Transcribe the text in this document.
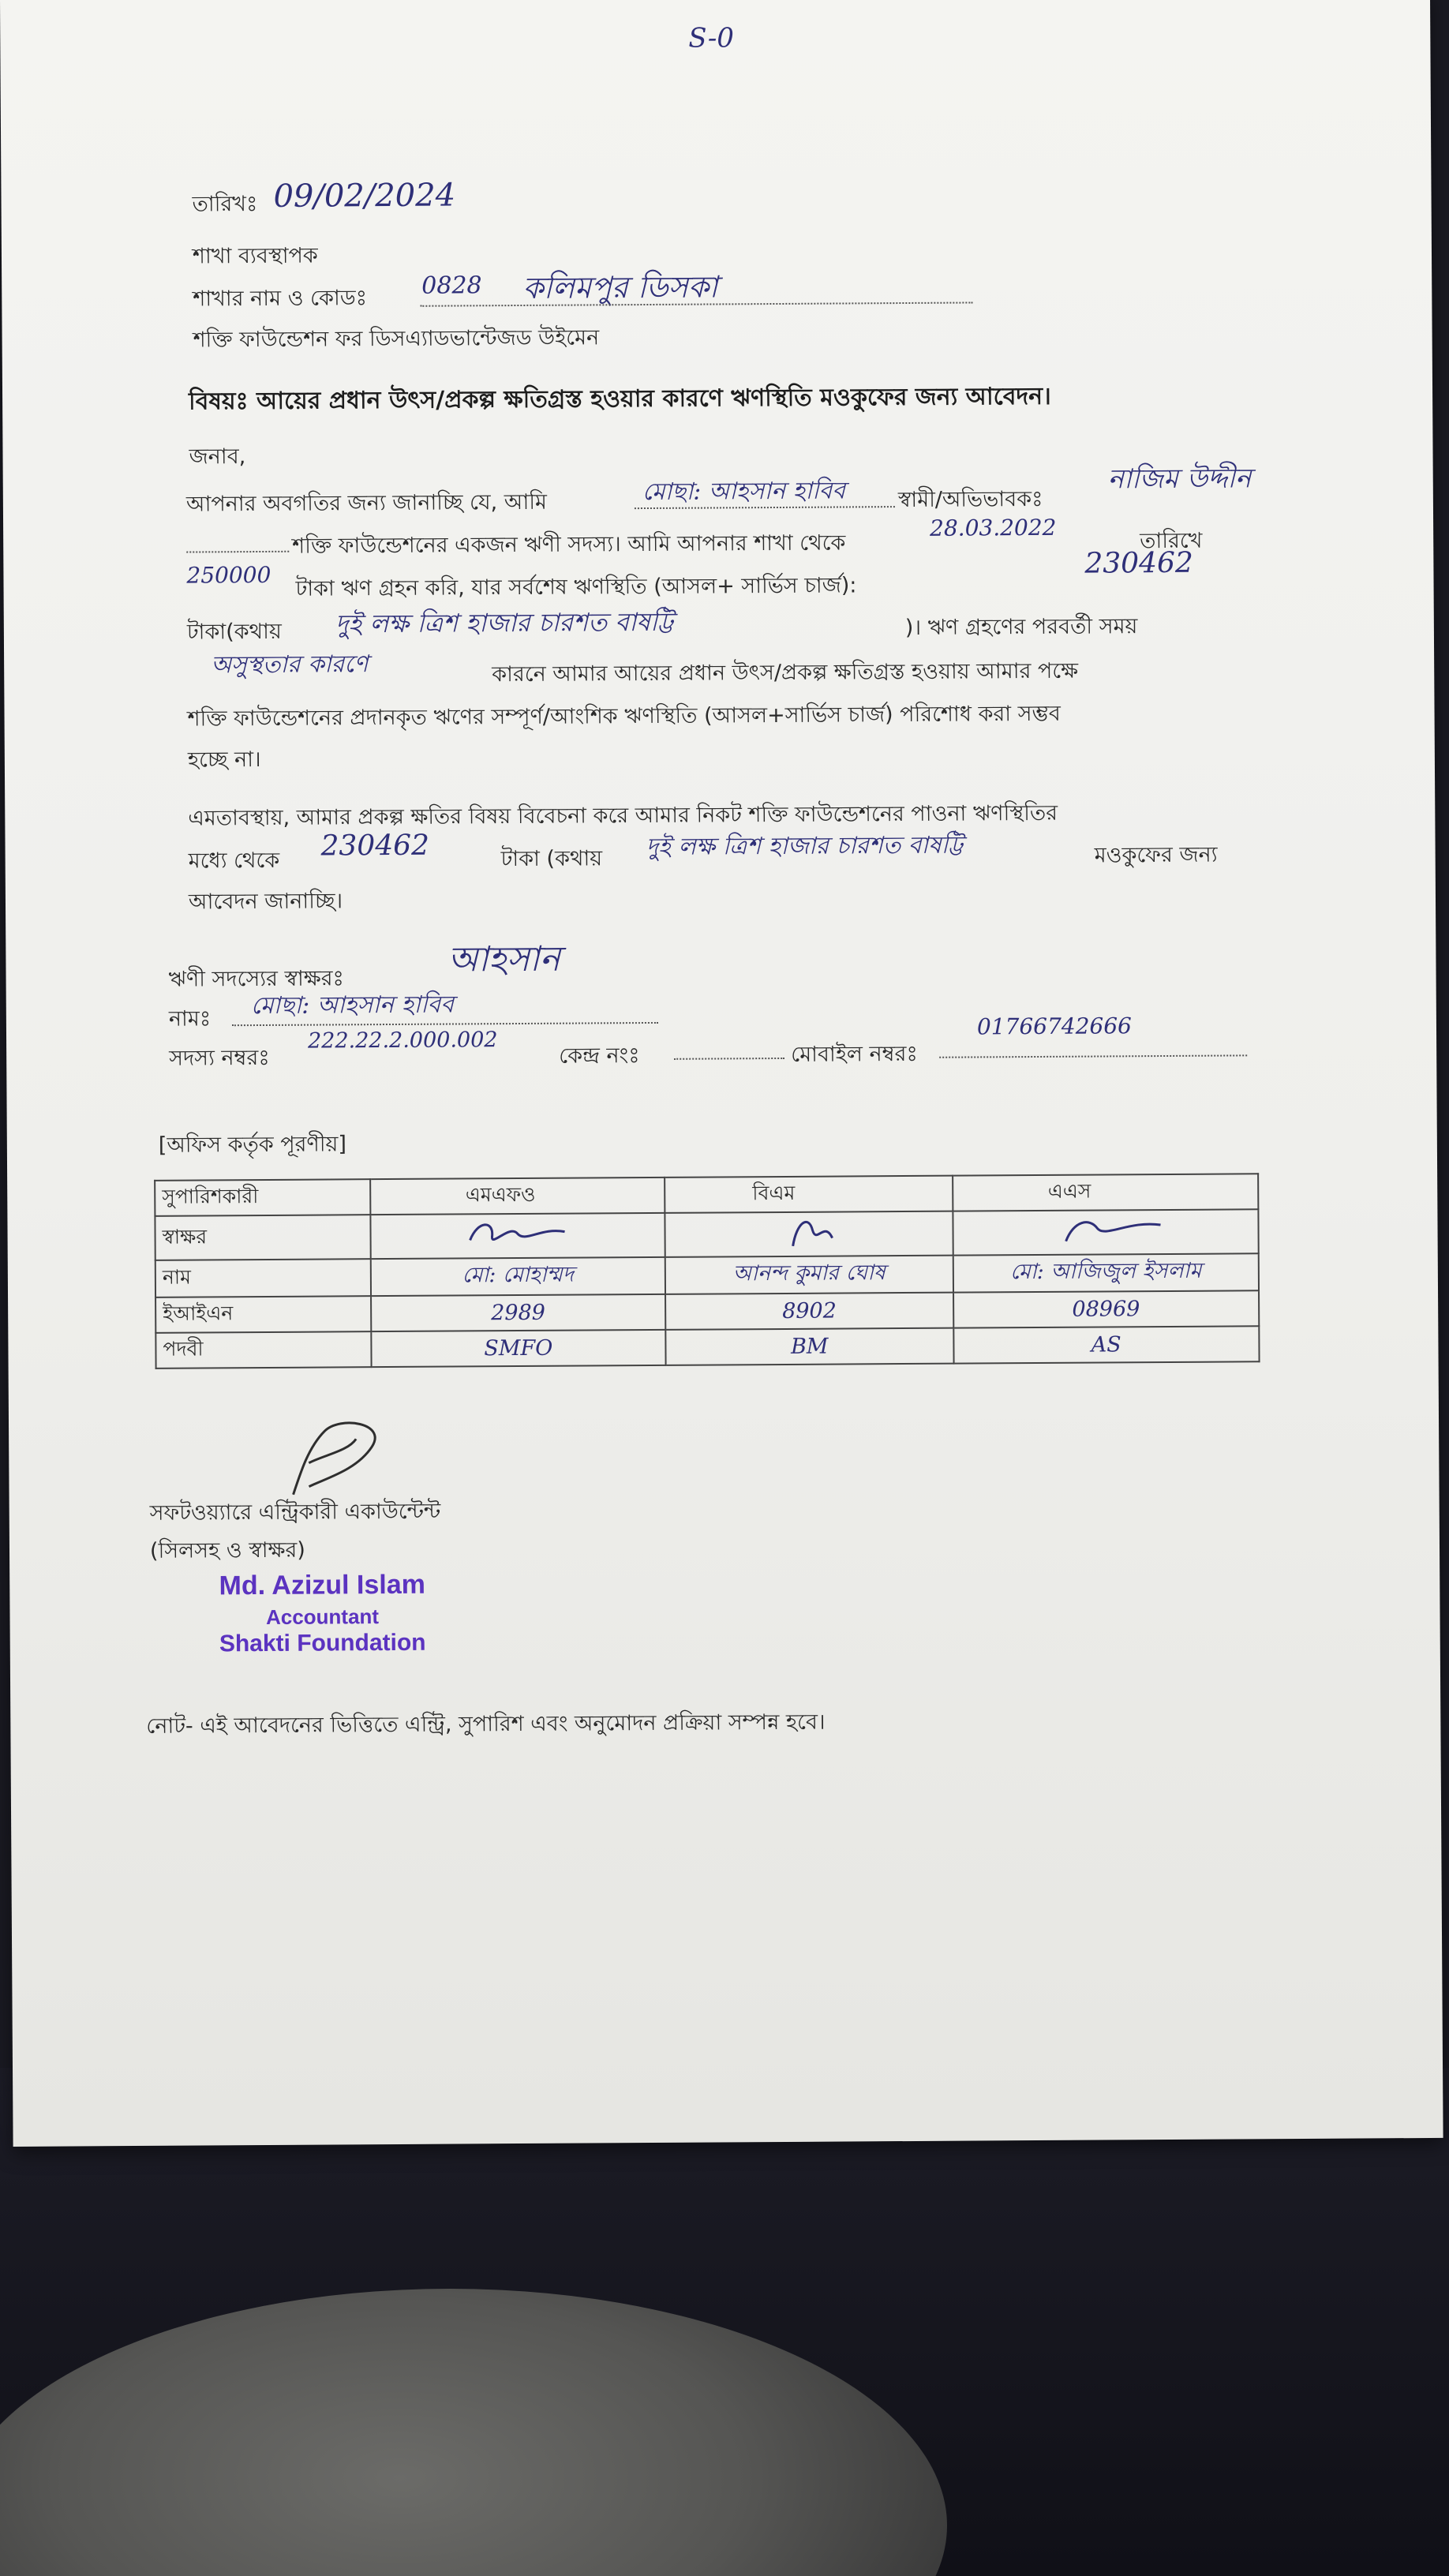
S-0
তারিখঃ 09/02/2024
শাখা ব্যবস্থাপক
শাখার নাম ও কোডঃ 0828 কলিমপুর ডিসকা
শক্তি ফাউন্ডেশন ফর ডিসএ্যাডভান্টেজড উইমেন
বিষয়ঃ আয়ের প্রধান উৎস/প্রকল্প ক্ষতিগ্রস্ত হওয়ার কারণে ঋণস্থিতি মওকুফের জন্য আবেদন।
জনাব,
আপনার অবগতির জন্য জানাচ্ছি যে, আমি	মোছা: আহসান হাবিব স্বামী/অভিভাবকঃ
নাজিম উদ্দীন
শক্তি ফাউন্ডেশনের একজন ঋণী সদস্য। আমি আপনার শাখা থেকে
28.03.2022	তারিখে
250000 টাকা ঋণ গ্রহন করি, যার সর্বশেষ ঋণস্থিতি (আসল+ সার্ভিস চার্জ):
230462
টাকা(কথায় দুই লক্ষ ত্রিশ হাজার চারশত বাষট্টি	)। ঋণ গ্রহণের পরবর্তী সময়
অসুস্থতার কারণে	কারনে আমার আয়ের প্রধান উৎস/প্রকল্প ক্ষতিগ্রস্ত হওয়ায় আমার পক্ষে
শক্তি ফাউন্ডেশনের প্রদানকৃত ঋণের সম্পূর্ণ/আংশিক ঋণস্থিতি (আসল+সার্ভিস চার্জ) পরিশোধ করা সম্ভব
হচ্ছে না।
এমতাবস্থায়, আমার প্রকল্প ক্ষতির বিষয় বিবেচনা করে আমার নিকট শক্তি ফাউন্ডেশনের পাওনা ঋণস্থিতির
মধ্যে থেকে 230462	টাকা (কথায় দুই লক্ষ ত্রিশ হাজার চারশত বাষট্টি	মওকুফের জন্য
আবেদন জানাচ্ছি।
ঋণী সদস্যের স্বাক্ষরঃ	আহসান
নামঃ মোছা: আহসান হাবিব
সদস্য নম্বরঃ
222.22.2.000.002
কেন্দ্র নংঃ	মোবাইল নম্বরঃ
01766742666
[অফিস কর্তৃক পূরণীয়]
সুপারিশকারী	এমএফও	বিএম	এএস
স্বাক্ষর			
নাম	মো: মোহাম্মদ	আনন্দ কুমার ঘোষ	মো: আজিজুল ইসলাম
ইআইএন	2989	8902	08969
পদবী	SMFO	BM	AS
সফটওয়্যারে এন্ট্রিকারী একাউন্টেন্ট
(সিলসহ ও স্বাক্ষর)
Md. Azizul Islam
Accountant
Shakti Foundation
নোট- এই আবেদনের ভিত্তিতে এন্ট্রি, সুপারিশ এবং অনুমোদন প্রক্রিয়া সম্পন্ন হবে।
